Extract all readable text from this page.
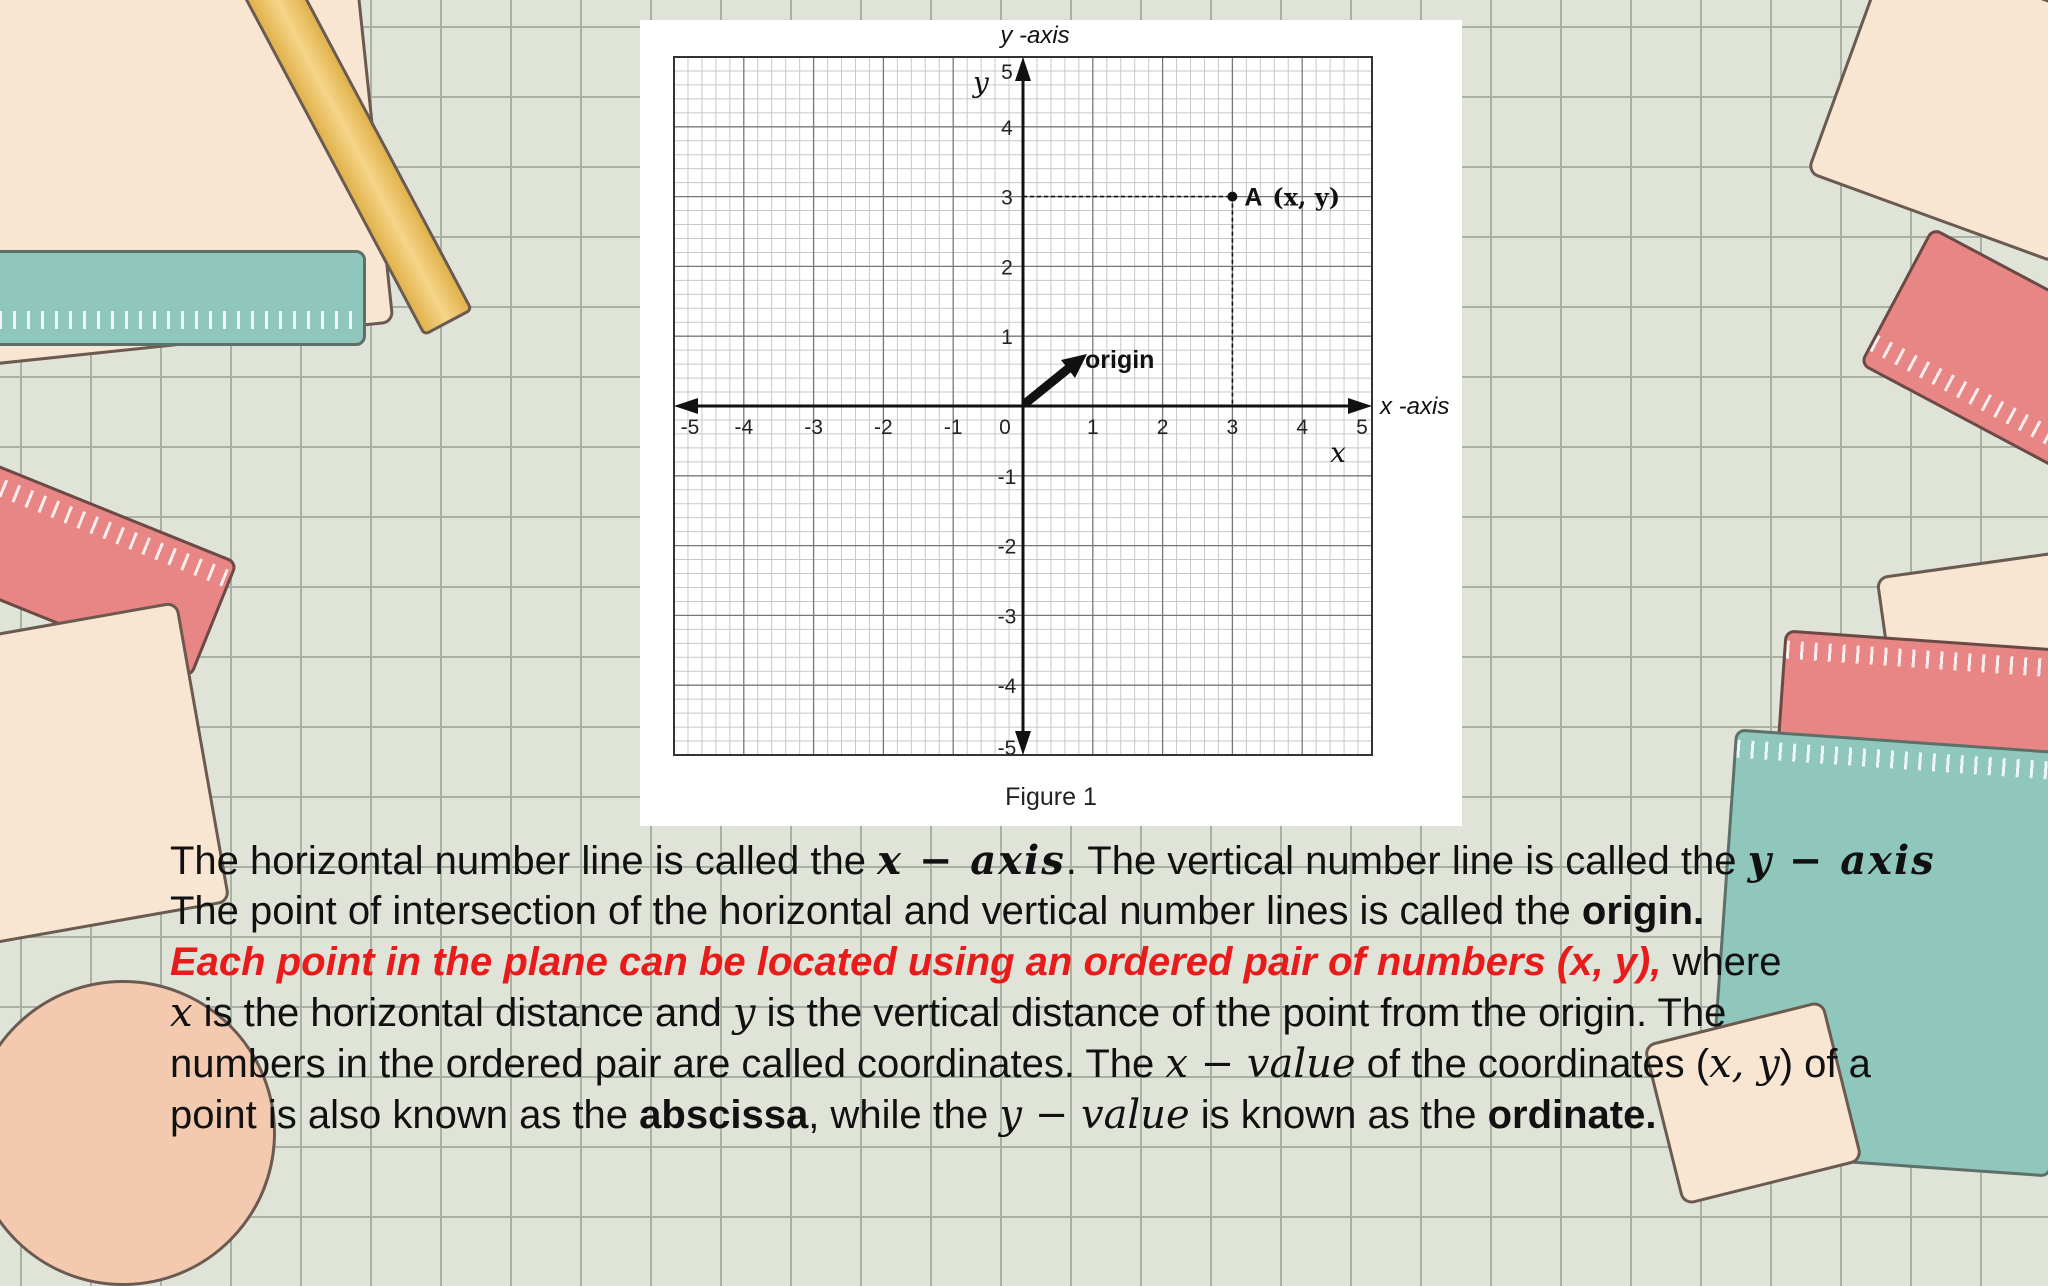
y -axis
x -axis
y
x
-5 -4 -3 -2 -1	1	2	3	4 5
5
4
3
2
1
-1
-2
-3
-4
-5
0
A (x, y)
origin
Figure 1
The horizontal number line is called the x − axis. The vertical number line is called the y − axis
The point of intersection of the horizontal and vertical number lines is called the origin.
Each point in the plane can be located using an ordered pair of numbers (x, y), where
x is the horizontal distance and y is the vertical distance of the point from the origin. The
numbers in the ordered pair are called coordinates. The x − value of the coordinates (x, y) of a
point is also known as the abscissa, while the y − value is known as the ordinate.
